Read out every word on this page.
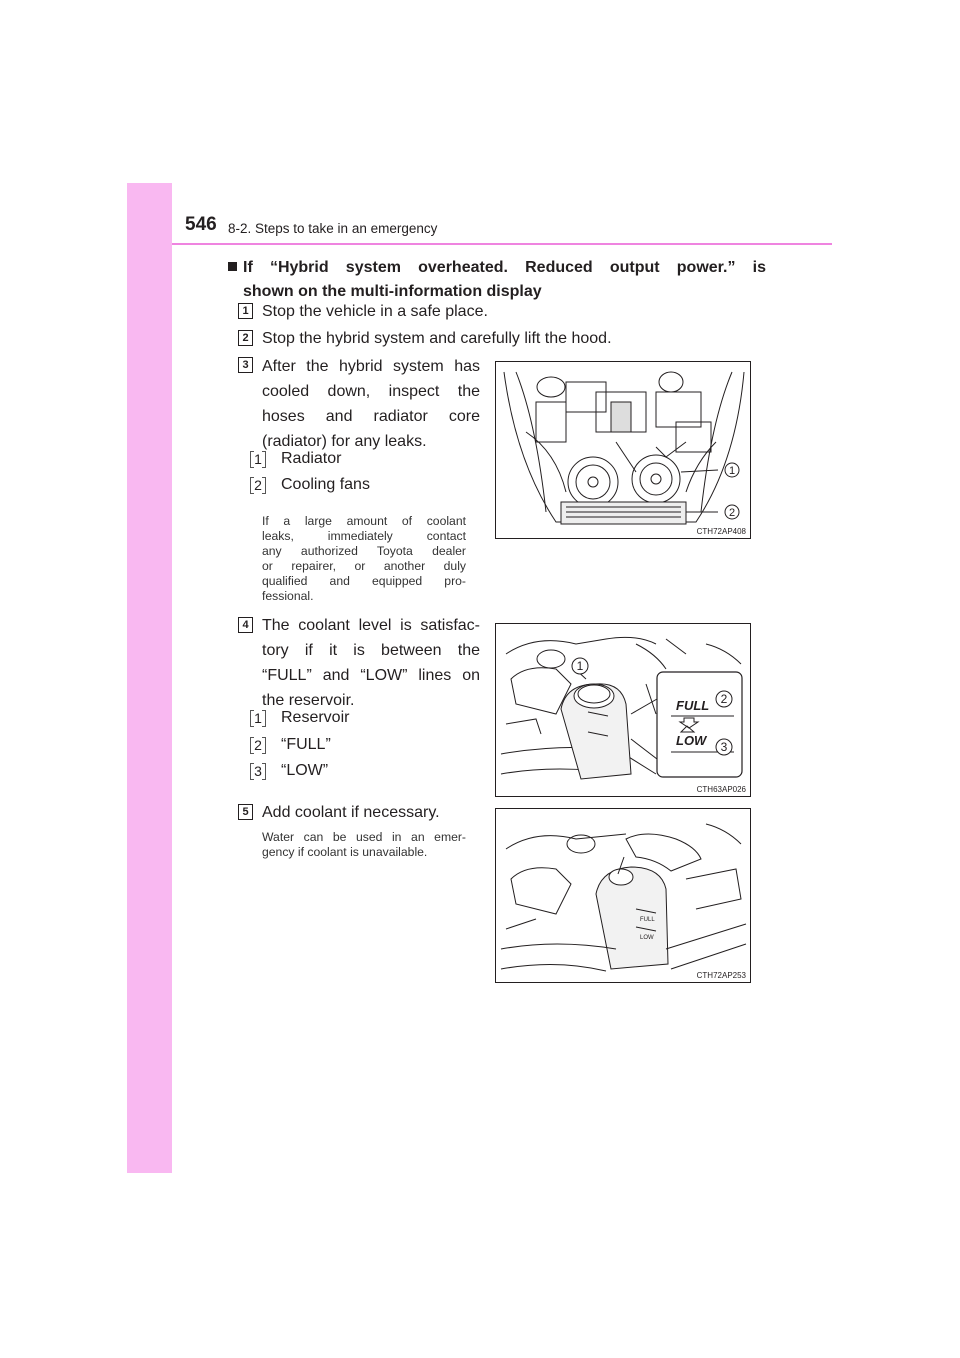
546 8-2. Steps to take in an emergency
If “Hybrid system overheated. Reduced output power.” is
shown on the multi-information display
1 Stop the vehicle in a safe place.
2 Stop the hybrid system and carefully lift the hood.
3 After the hybrid system has
cooled down, inspect the
hoses and radiator core
(radiator) for any leaks.
1 Radiator
2 Cooling fans
If a large amount of coolant
leaks, immediately contact
any authorized Toyota dealer
or repairer, or another duly
qualified and equipped pro-
fessional.
1
2
CTH72AP408
4 The coolant level is satisfac-
tory if it is between the
“FULL” and “LOW” lines on
the reservoir.
1 Reservoir
2 “FULL”
3 “LOW”
FULL
LOW
1
2
3
CTH63AP026
5 Add coolant if necessary.
Water can be used in an emer-
gency if coolant is unavailable.
FULL
LOW
CTH72AP253
